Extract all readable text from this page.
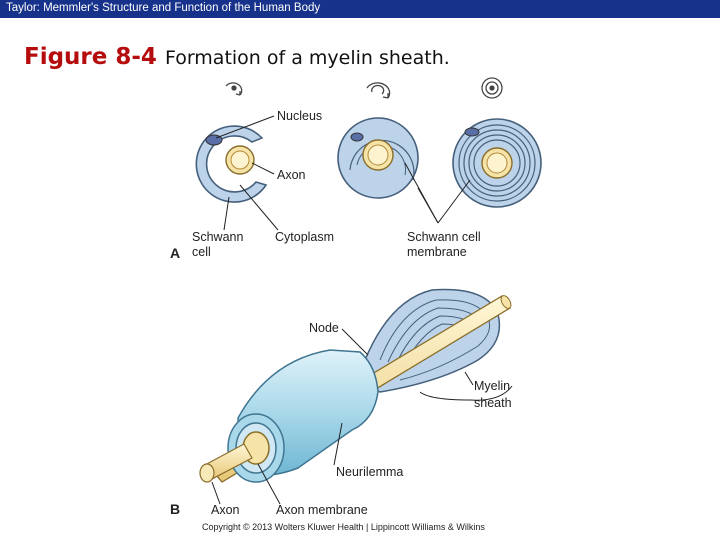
Taylor: Memmler's Structure and Function of the Human Body
Figure 8-4 Formation of a myelin sheath.
Nucleus
Axon
Schwann
cell
Cytoplasm	Schwann cell
membrane
A
Node
Myelin
sheath
Neurilemma
Axon	Axon membrane
B
Copyright © 2013 Wolters Kluwer Health | Lippincott Williams & Wilkins
